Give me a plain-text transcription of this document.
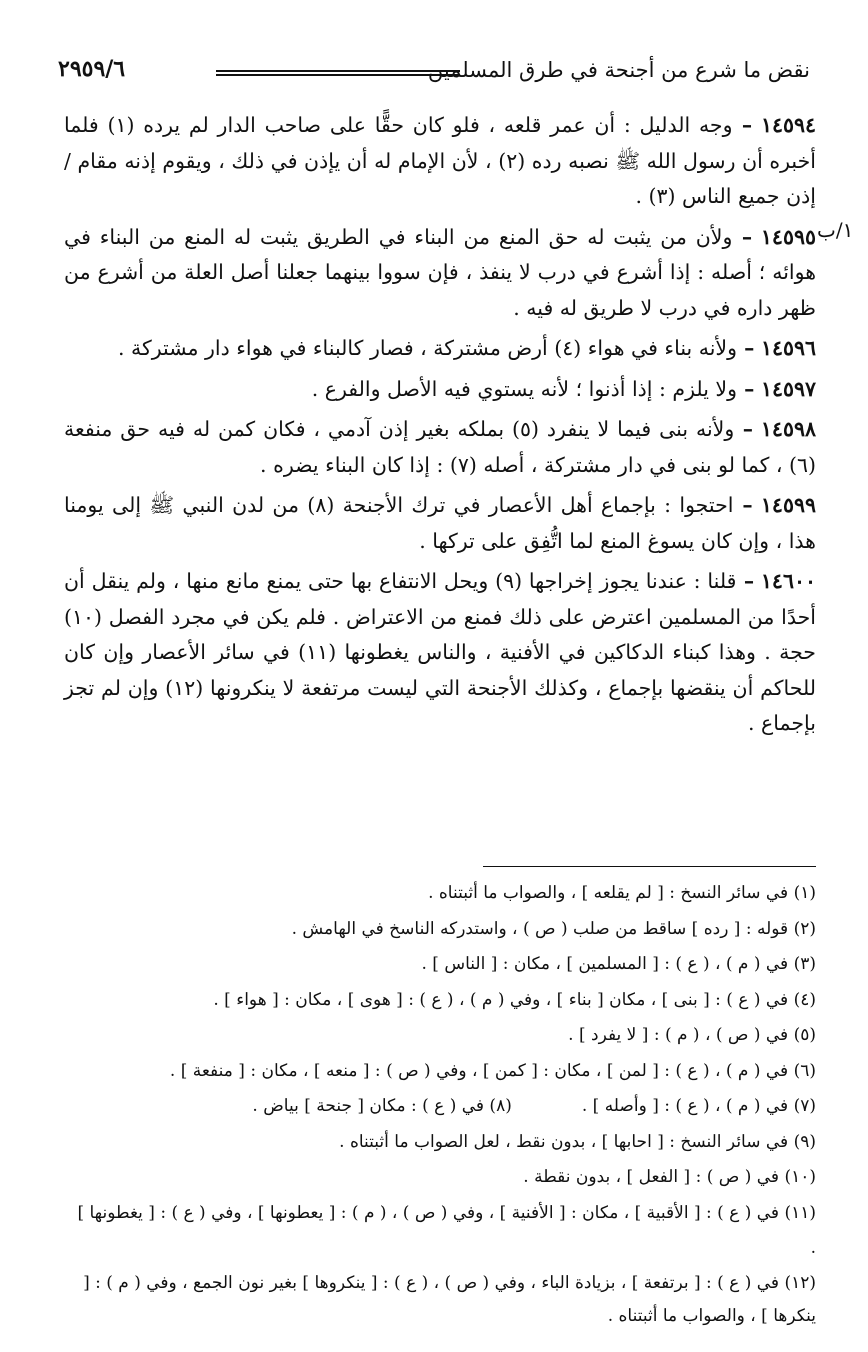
نقض ما شرع من أجنحة في طرق المسلمين
٢٩٥٩/٦
١/ب

١٤٥٩٤ – وجه الدليل : أن عمر قلعه ، فلو كان حقًّا على صاحب الدار لم يرده (١) فلما أخبره أن رسول الله ﷺ نصبه رده (٢) ، لأن الإمام له أن يإذن في ذلك ، ويقوم إذنه مقام / إذن جميع الناس (٣) .

١٤٥٩٥ – ولأن من يثبت له حق المنع من البناء في الطريق يثبت له المنع من البناء في هوائه ؛ أصله : إذا أشرع في درب لا ينفذ ، فإن سووا بينهما جعلنا أصل العلة من أشرع من ظهر داره في درب لا طريق له فيه .

١٤٥٩٦ – ولأنه بناء في هواء (٤) أرض مشتركة ، فصار كالبناء في هواء دار مشتركة .

١٤٥٩٧ – ولا يلزم : إذا أذنوا ؛ لأنه يستوي فيه الأصل والفرع .

١٤٥٩٨ – ولأنه بنى فيما لا ينفرد (٥) بملكه بغير إذن آدمي ، فكان كمن له فيه حق منفعة (٦) ، كما لو بنى في دار مشتركة ، أصله (٧) : إذا كان البناء يضره .

١٤٥٩٩ – احتجوا : بإجماع أهل الأعصار في ترك الأجنحة (٨) من لدن النبي ﷺ إلى يومنا هذا ، وإن كان يسوغ المنع لما اتُّفِق على تركها .

١٤٦٠٠ – قلنا : عندنا يجوز إخراجها (٩) ويحل الانتفاع بها حتى يمنع مانع منها ، ولم ينقل أن أحدًا من المسلمين اعترض على ذلك فمنع من الاعتراض . فلم يكن في مجرد الفصل (١٠) حجة . وهذا كبناء الدكاكين في الأفنية ، والناس يغطونها (١١) في سائر الأعصار وإن كان للحاكم أن ينقضها بإجماع ، وكذلك الأجنحة التي ليست مرتفعة لا ينكرونها (١٢) وإن لم تجز بإجماع .

(١) في سائر النسخ : [ لم يقلعه ] ، والصواب ما أثبتناه .

(٢) قوله : [ رده ] ساقط من صلب ( ص ) ، واستدركه الناسخ في الهامش .

(٣) في ( م ) ، ( ع ) : [ المسلمين ] ، مكان : [ الناس ] .

(٤) في ( ع ) : [ بنى ] ، مكان [ بناء ] ، وفي ( م ) ، ( ع ) : [ هوى ] ، مكان : [ هواء ] .

(٥) في ( ص ) ، ( م ) : [ لا يفرد ] .

(٦) في ( م ) ، ( ع ) : [ لمن ] ، مكان : [ كمن ] ، وفي ( ص ) : [ منعه ] ، مكان : [ منفعة ] .

(٧) في ( م ) ، ( ع ) : [ وأصله ] .
(٨) في ( ع ) : مكان [ جنحة ] بياض .

(٩) في سائر النسخ : [ احابها ] ، بدون نقط ، لعل الصواب ما أثبتناه .

(١٠) في ( ص ) : [ الفعل ] ، بدون نقطة .

(١١) في ( ع ) : [ الأقبية ] ، مكان : [ الأفنية ] ، وفي ( ص ) ، ( م ) : [ يعطونها ] ، وفي ( ع ) : [ يغطونها ] .

(١٢) في ( ع ) : [ برتفعة ] ، بزيادة الباء ، وفي ( ص ) ، ( ع ) : [ ينكروها ] بغير نون الجمع ، وفي ( م ) : [ ينكرها ] ، والصواب ما أثبتناه .
